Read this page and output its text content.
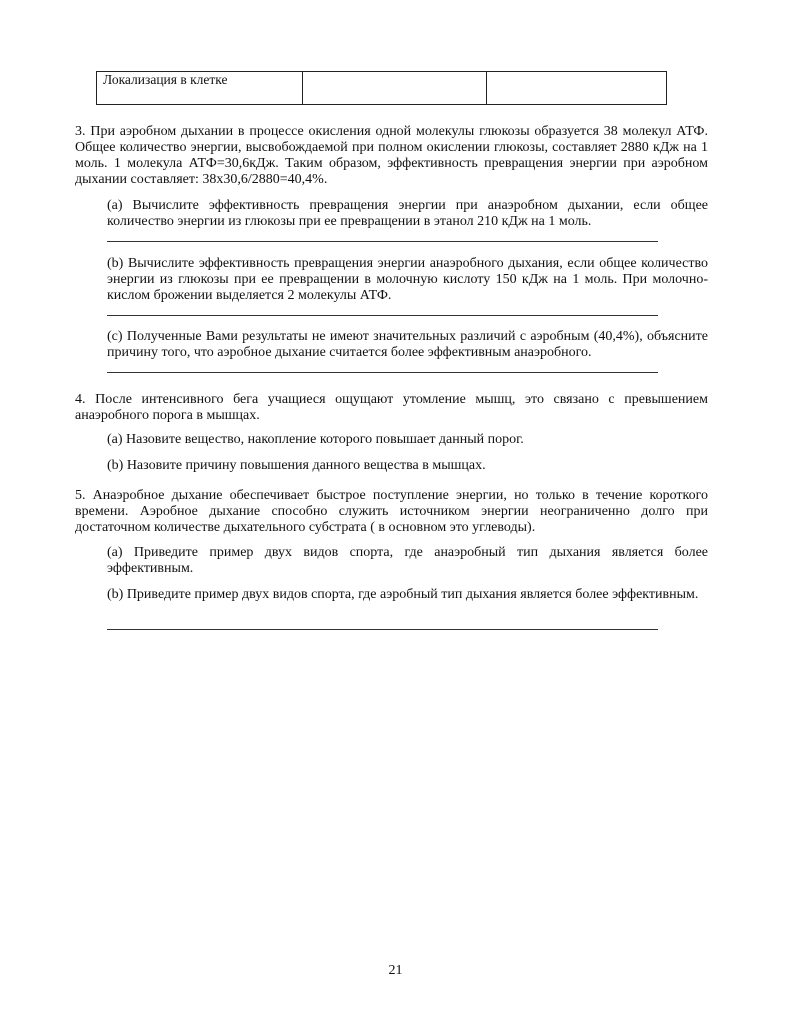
Локализация в клетке		
3. При аэробном дыхании в процессе окисления одной молекулы глюкозы образуется 38 молекул АТФ. Общее количество энергии, высвобождаемой при полном окислении глюкозы, составляет 2880 кДж на 1 моль. 1 молекула АТФ=30,6кДж. Таким образом, эффективность превращения энергии при аэробном дыхании составляет: 38x30,6/2880=40,4%.
(a) Вычислите эффективность превращения энергии при анаэробном дыхании, если общее количество энергии из глюкозы при ее превращении в этанол 210 кДж на 1 моль.
(b) Вычислите эффективность превращения энергии анаэробного дыхания, если общее количество энергии из глюкозы при ее превращении в молочную кислоту 150 кДж на 1 моль. При молочно-кислом брожении выделяется 2 молекулы АТФ.
(c) Полученные Вами результаты не имеют значительных различий с аэробным (40,4%), объясните причину того, что аэробное дыхание считается более эффективным анаэробного.
4. После интенсивного бега учащиеся ощущают утомление мышц, это связано с превышением анаэробного порога в мышцах.
(a) Назовите вещество, накопление которого повышает данный порог.
(b) Назовите причину повышения данного вещества в мышцах.
5. Анаэробное дыхание обеспечивает быстрое поступление энергии, но только в течение короткого времени. Аэробное дыхание способно служить источником энергии неограниченно долго при достаточном количестве дыхательного субстрата ( в основном это углеводы).
(a) Приведите пример двух видов спорта, где анаэробный тип дыхания является более эффективным.
(b) Приведите пример двух видов спорта, где аэробный тип дыхания является более эффективным.
21
